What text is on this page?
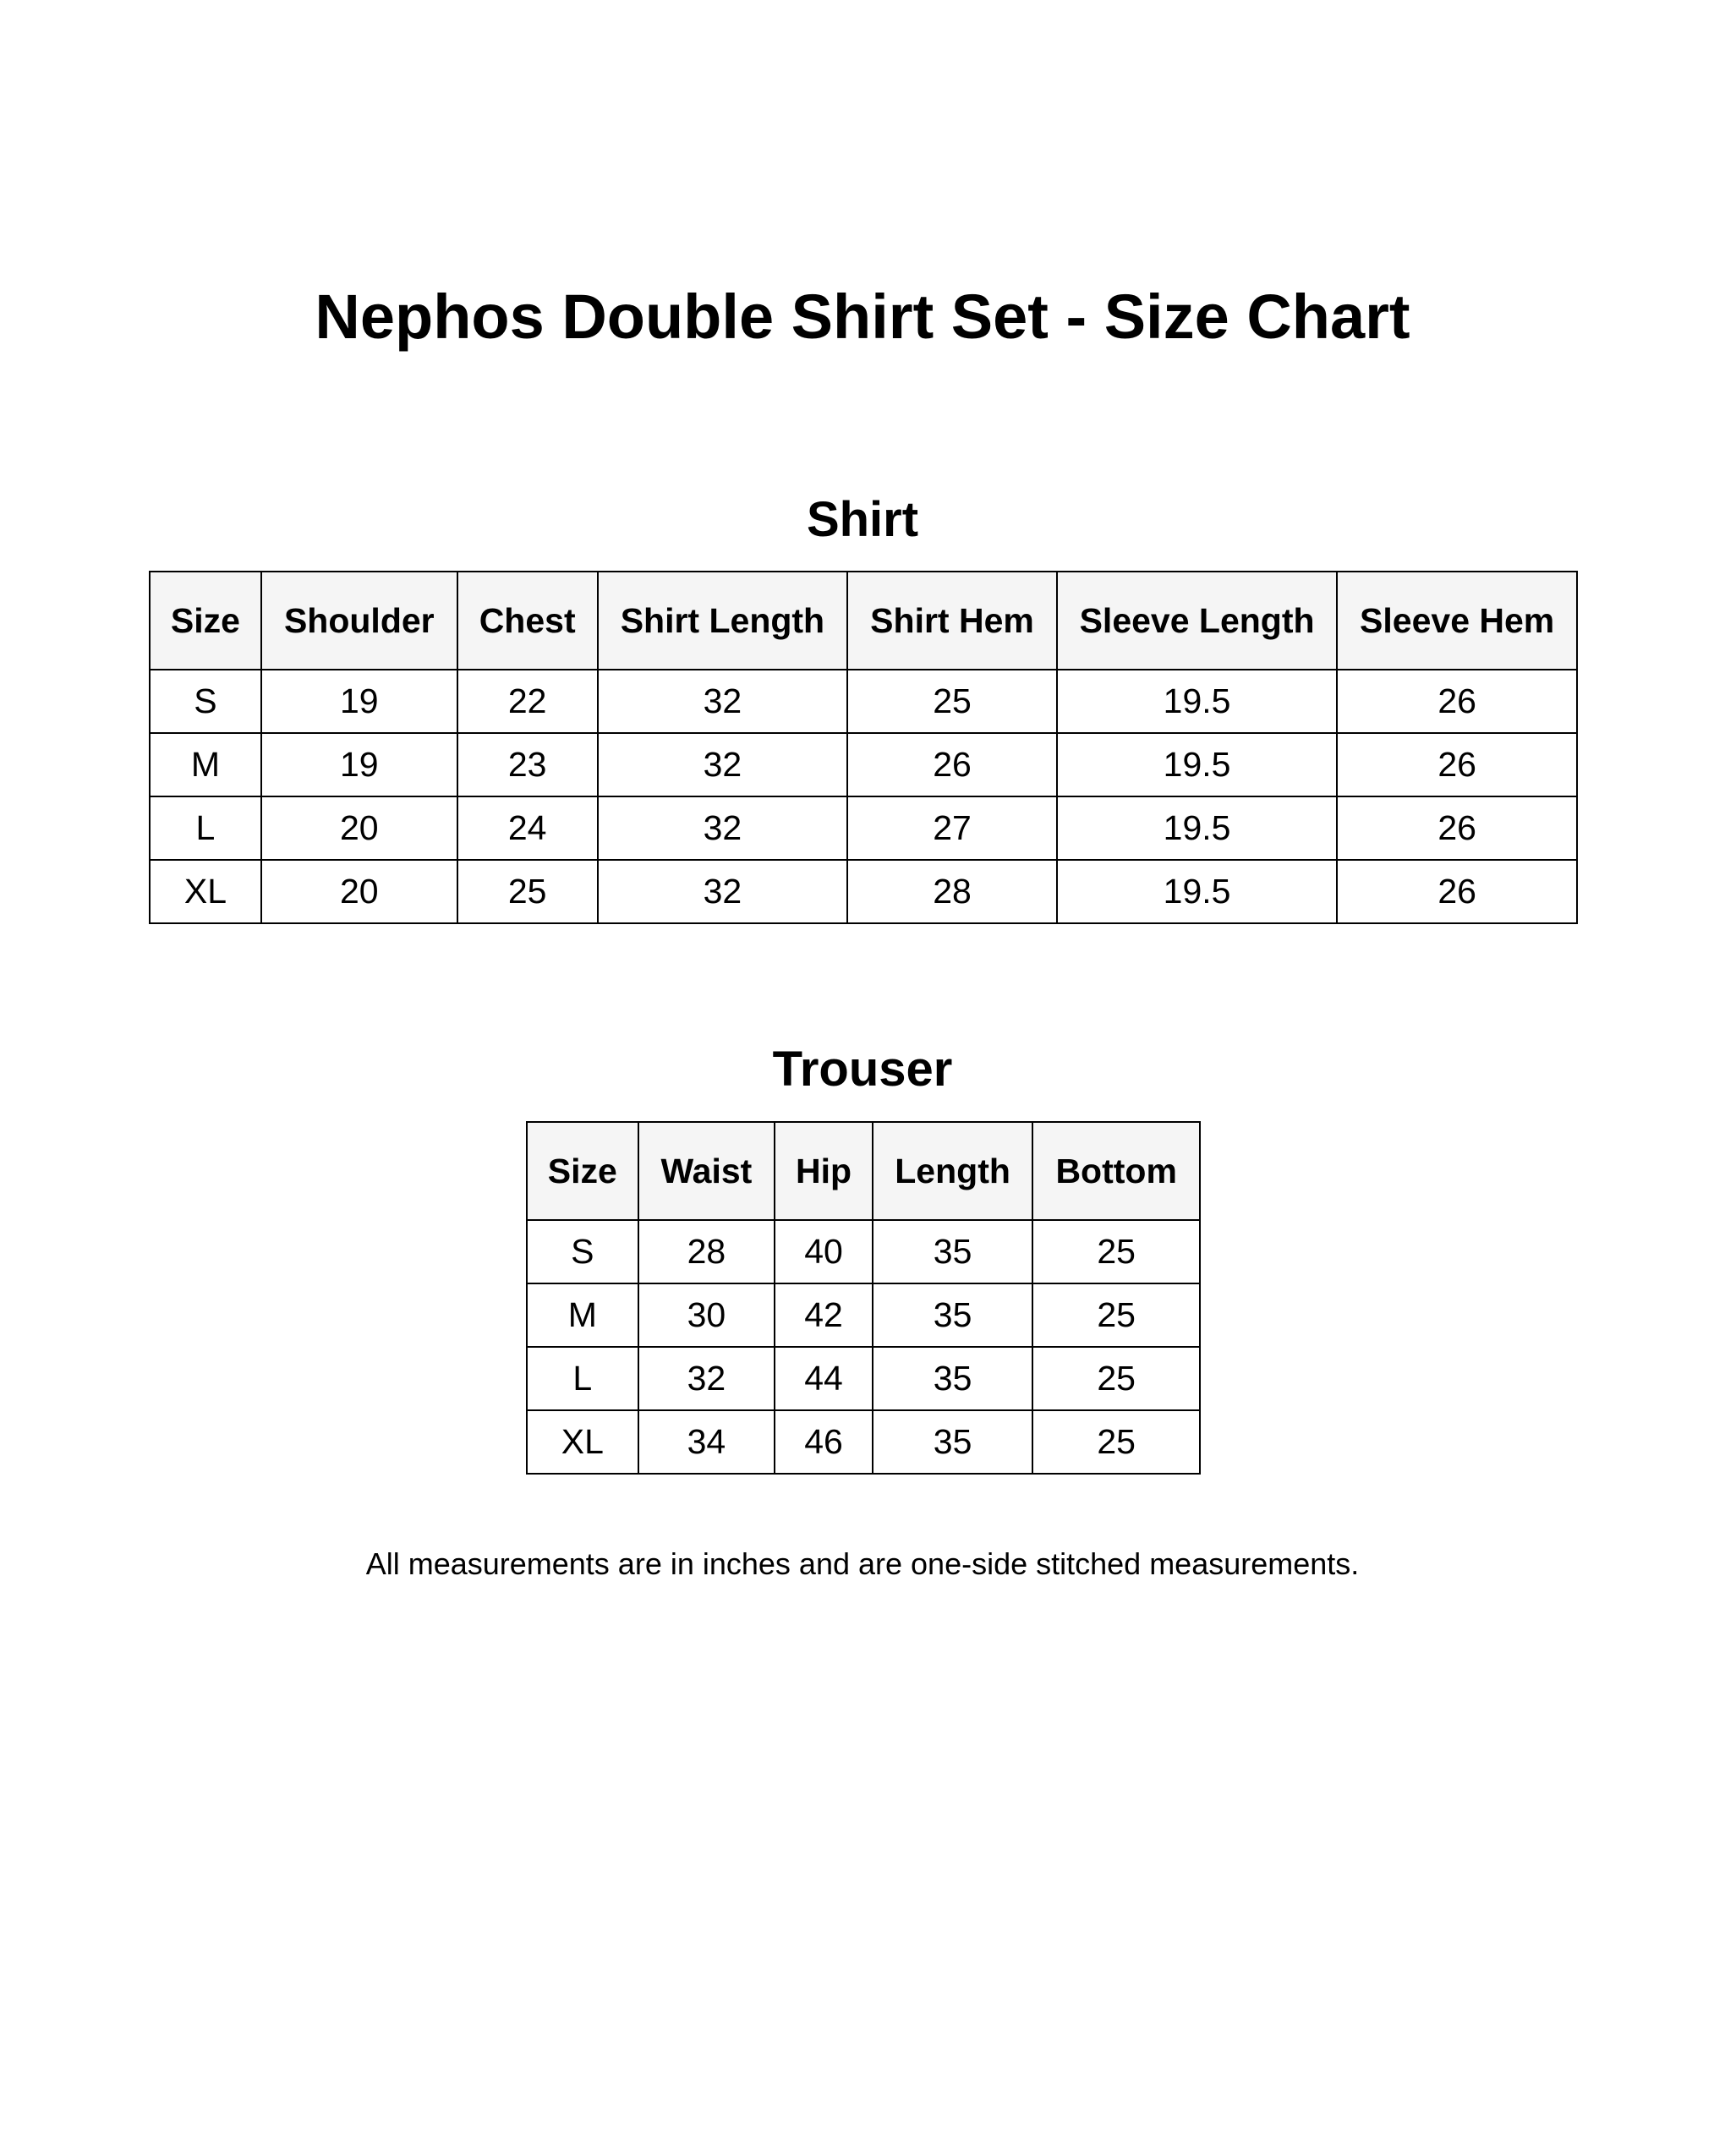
Nephos Double Shirt Set - Size Chart
Shirt
Size	Shoulder	Chest	Shirt Length	Shirt Hem	Sleeve Length	Sleeve Hem
S	19	22	32	25	19.5	26
M	19	23	32	26	19.5	26
L	20	24	32	27	19.5	26
XL	20	25	32	28	19.5	26
Trouser
Size	Waist	Hip	Length	Bottom
S	28	40	35	25
M	30	42	35	25
L	32	44	35	25
XL	34	46	35	25

All measurements are in inches and are one-side stitched measurements.
